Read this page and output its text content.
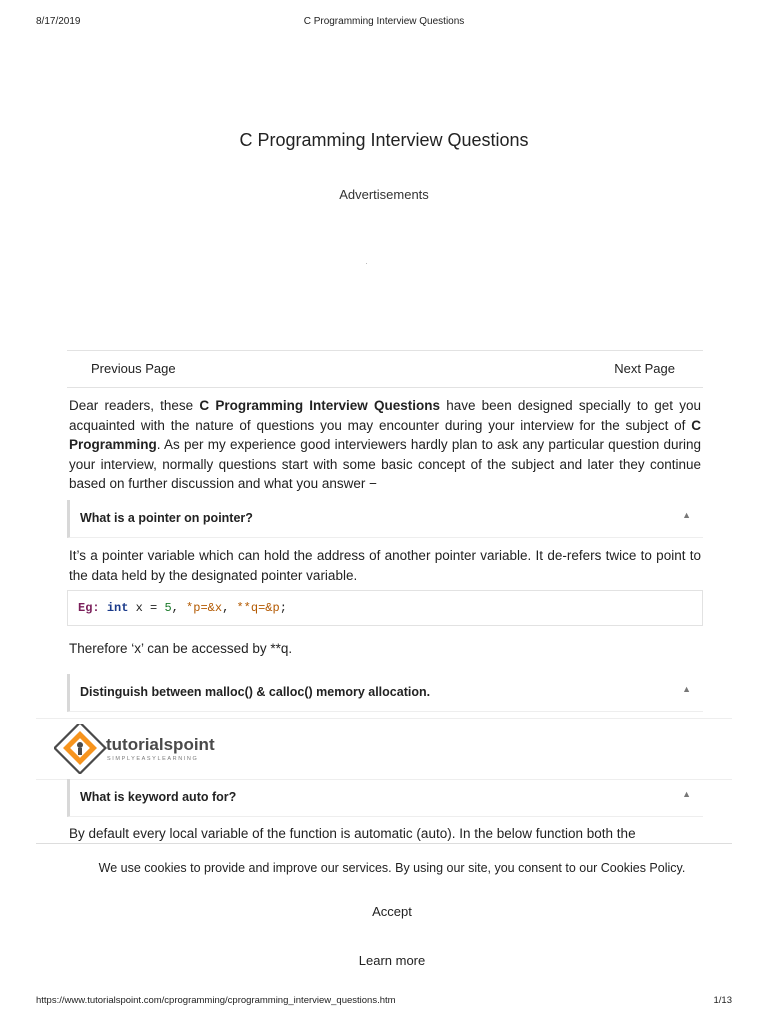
8/17/2019	C Programming Interview Questions
C Programming Interview Questions
Advertisements
Previous Page	Next Page

Dear readers, these C Programming Interview Questions have been designed specially to get you acquainted with the nature of questions you may encounter during your interview for the subject of C Programming. As per my experience good interviewers hardly plan to ask any particular question during your interview, normally questions start with some basic concept of the subject and later they continue based on further discussion and what you answer −

What is a pointer on pointer?	▲

It’s a pointer variable which can hold the address of another pointer variable. It de-refers twice to point to the data held by the designated pointer variable.

Eg: int x = 5, *p=&x, **q=&p;

Therefore ‘x’ can be accessed by **q.

Distinguish between malloc() & calloc() memory allocation.	▲
tutorialspoint
SIMPLYEASYLEARNING
What is keyword auto for?	▲

By default every local variable of the function is automatic (auto). In the below function both the

We use cookies to provide and improve our services. By using our site, you consent to our Cookies Policy.
Accept
Learn more
https://www.tutorialspoint.com/cprogramming/cprogramming_interview_questions.htm	1/13
